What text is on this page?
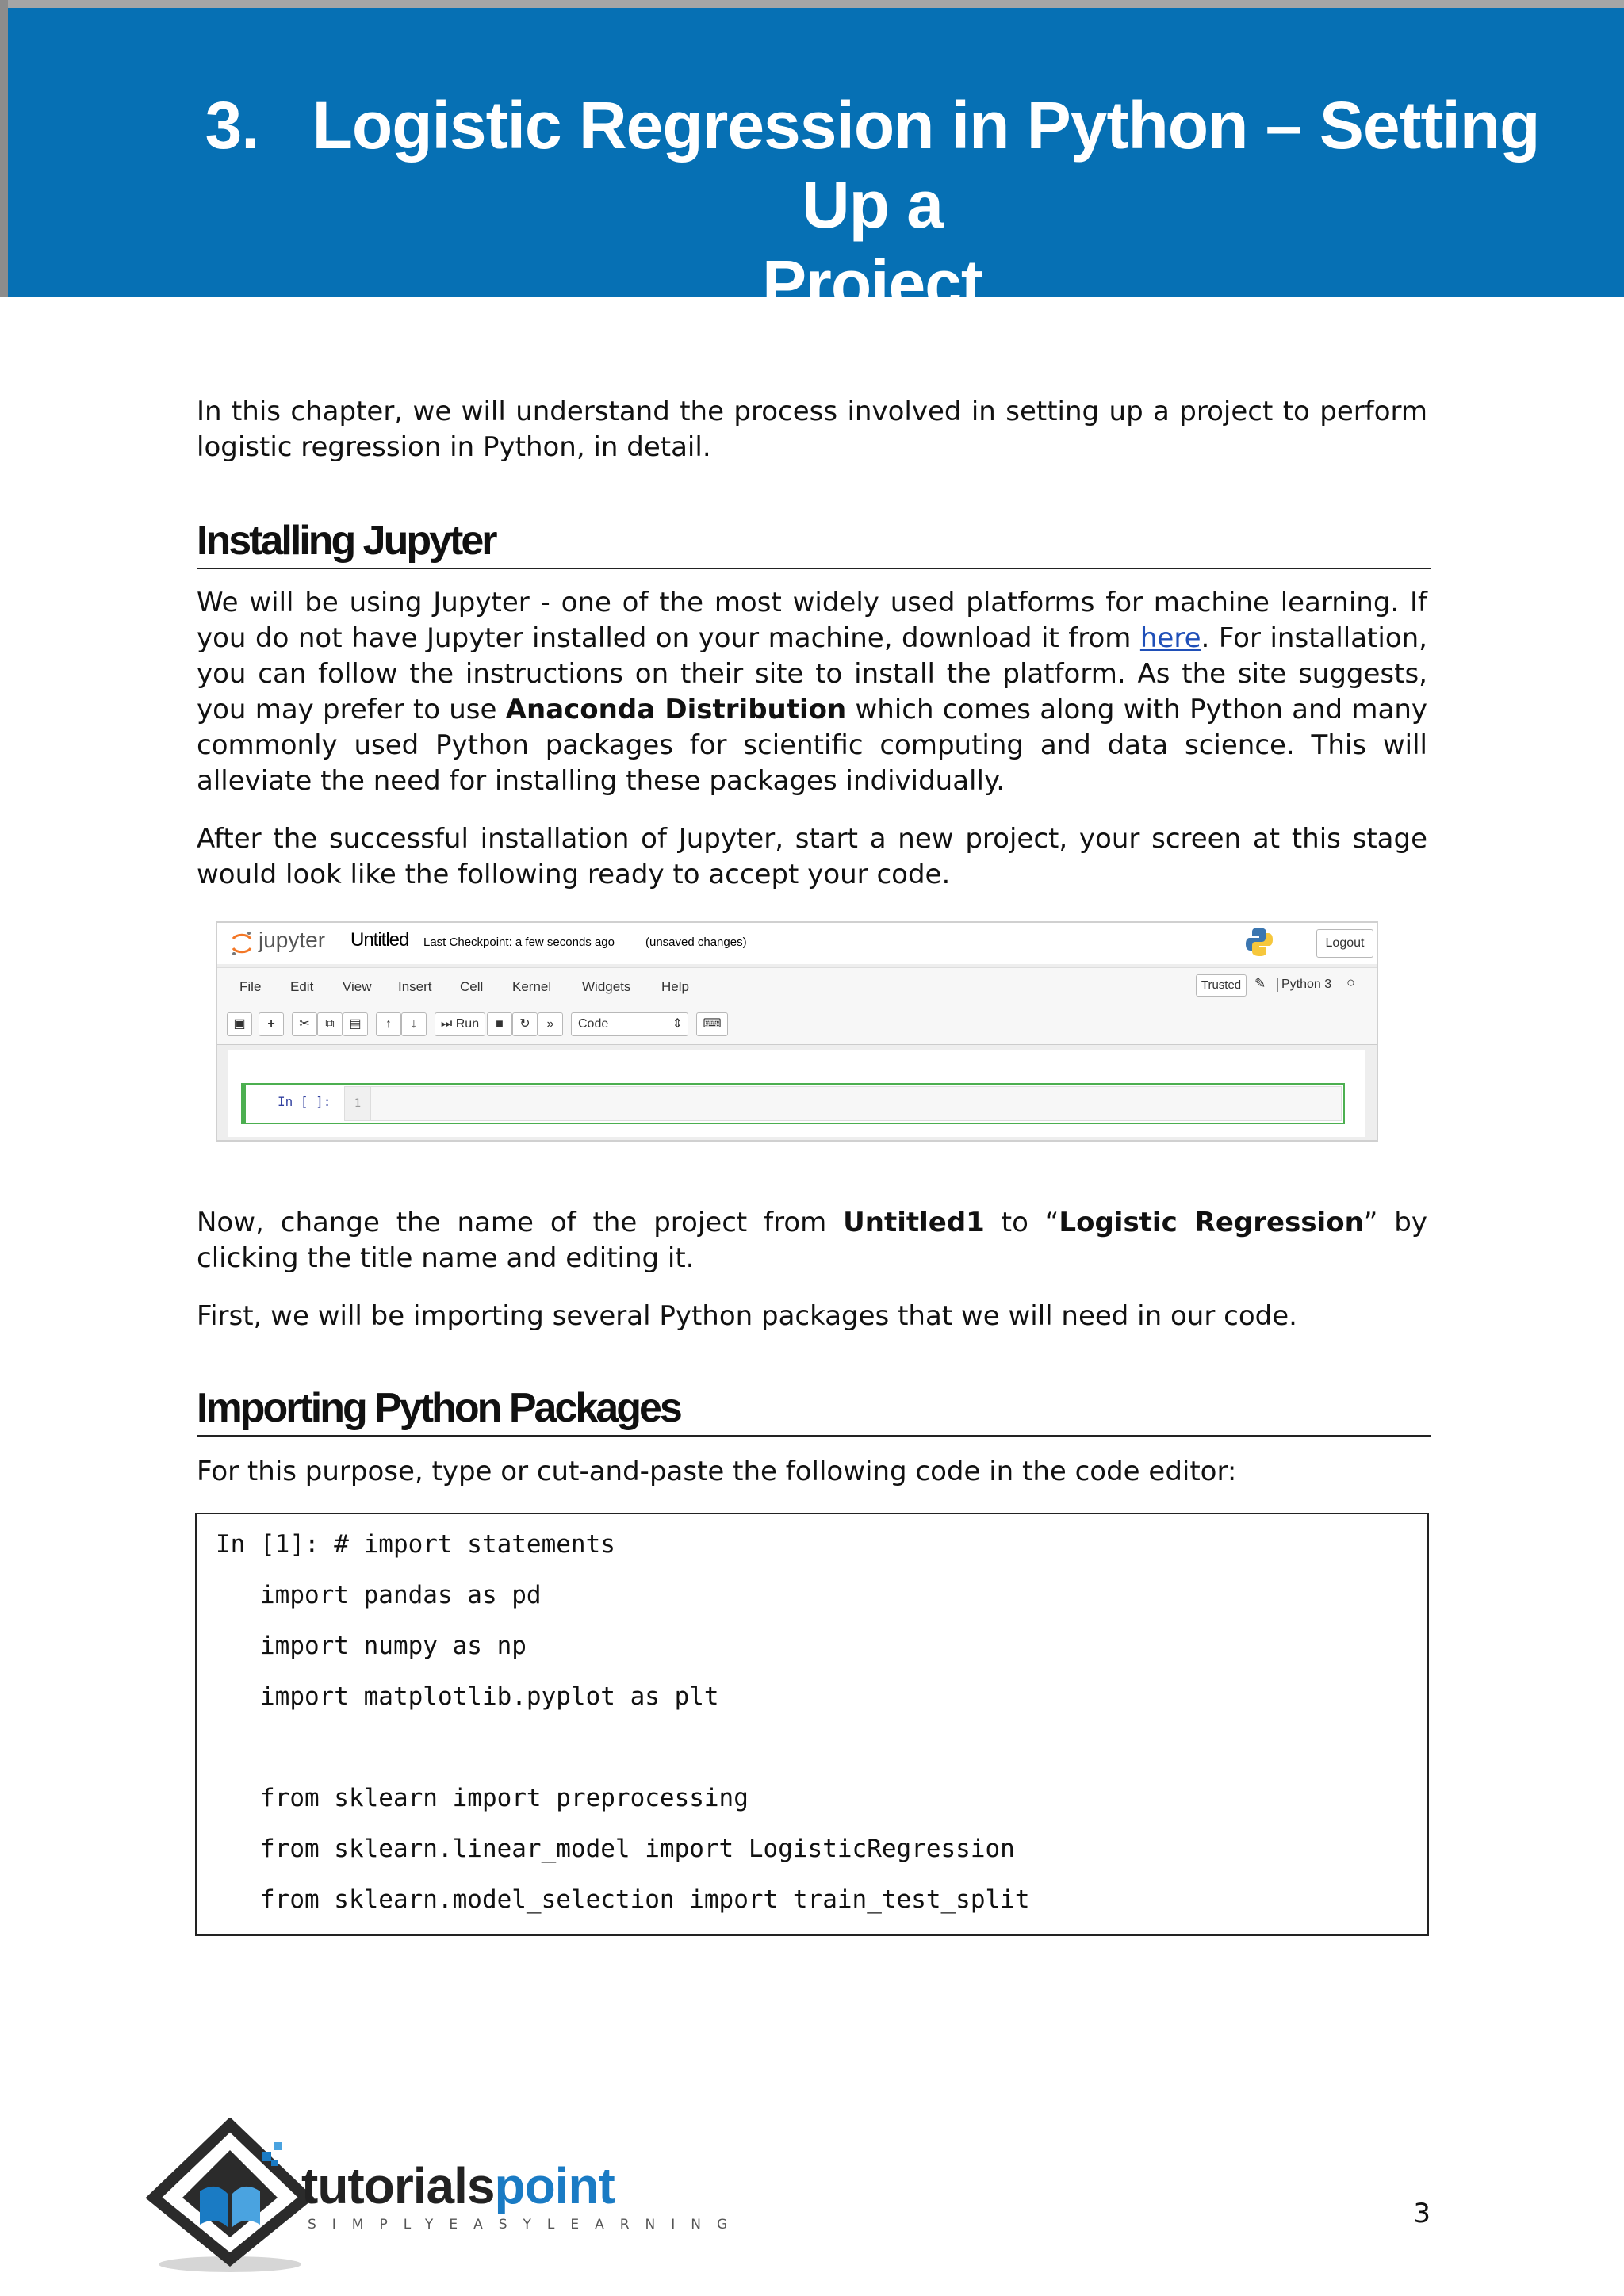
3. Logistic Regression in Python – Setting Up a
Project
In this chapter, we will understand the process involved in setting up a project to perform logistic regression in Python, in detail.
Installing Jupyter
We will be using Jupyter - one of the most widely used platforms for machine learning. If you do not have Jupyter installed on your machine, download it from here. For installation, you can follow the instructions on their site to install the platform. As the site suggests, you may prefer to use Anaconda Distribution which comes along with Python and many commonly used Python packages for scientific computing and data science. This will alleviate the need for installing these packages individually.
After the successful installation of Jupyter, start a new project, your screen at this stage would look like the following ready to accept your code.
jupyter Untitled Last Checkpoint: a few seconds ago	(unsaved changes)	Logout
File Edit View Insert Cell Kernel Widgets Help	Trusted ✎	Python 3 ○
▣	+	✂	⧉	▤	↑	↓	⏭ Run	■	↻	»	Code	⇕	⌨
In [ ]:	1
Now, change the name of the project from Untitled1 to “Logistic Regression” by clicking the title name and editing it.
First, we will be importing several Python packages that we will need in our code.
Importing Python Packages
For this purpose, type or cut-and-paste the following code in the code editor:
In [1]: # import statements
import pandas as pd
import numpy as np
import matplotlib.pyplot as plt
from sklearn import preprocessing
from sklearn.linear_model import LogisticRegression
from sklearn.model_selection import train_test_split
tutorialspoint
SIMPLYEASYLEARNING	3
